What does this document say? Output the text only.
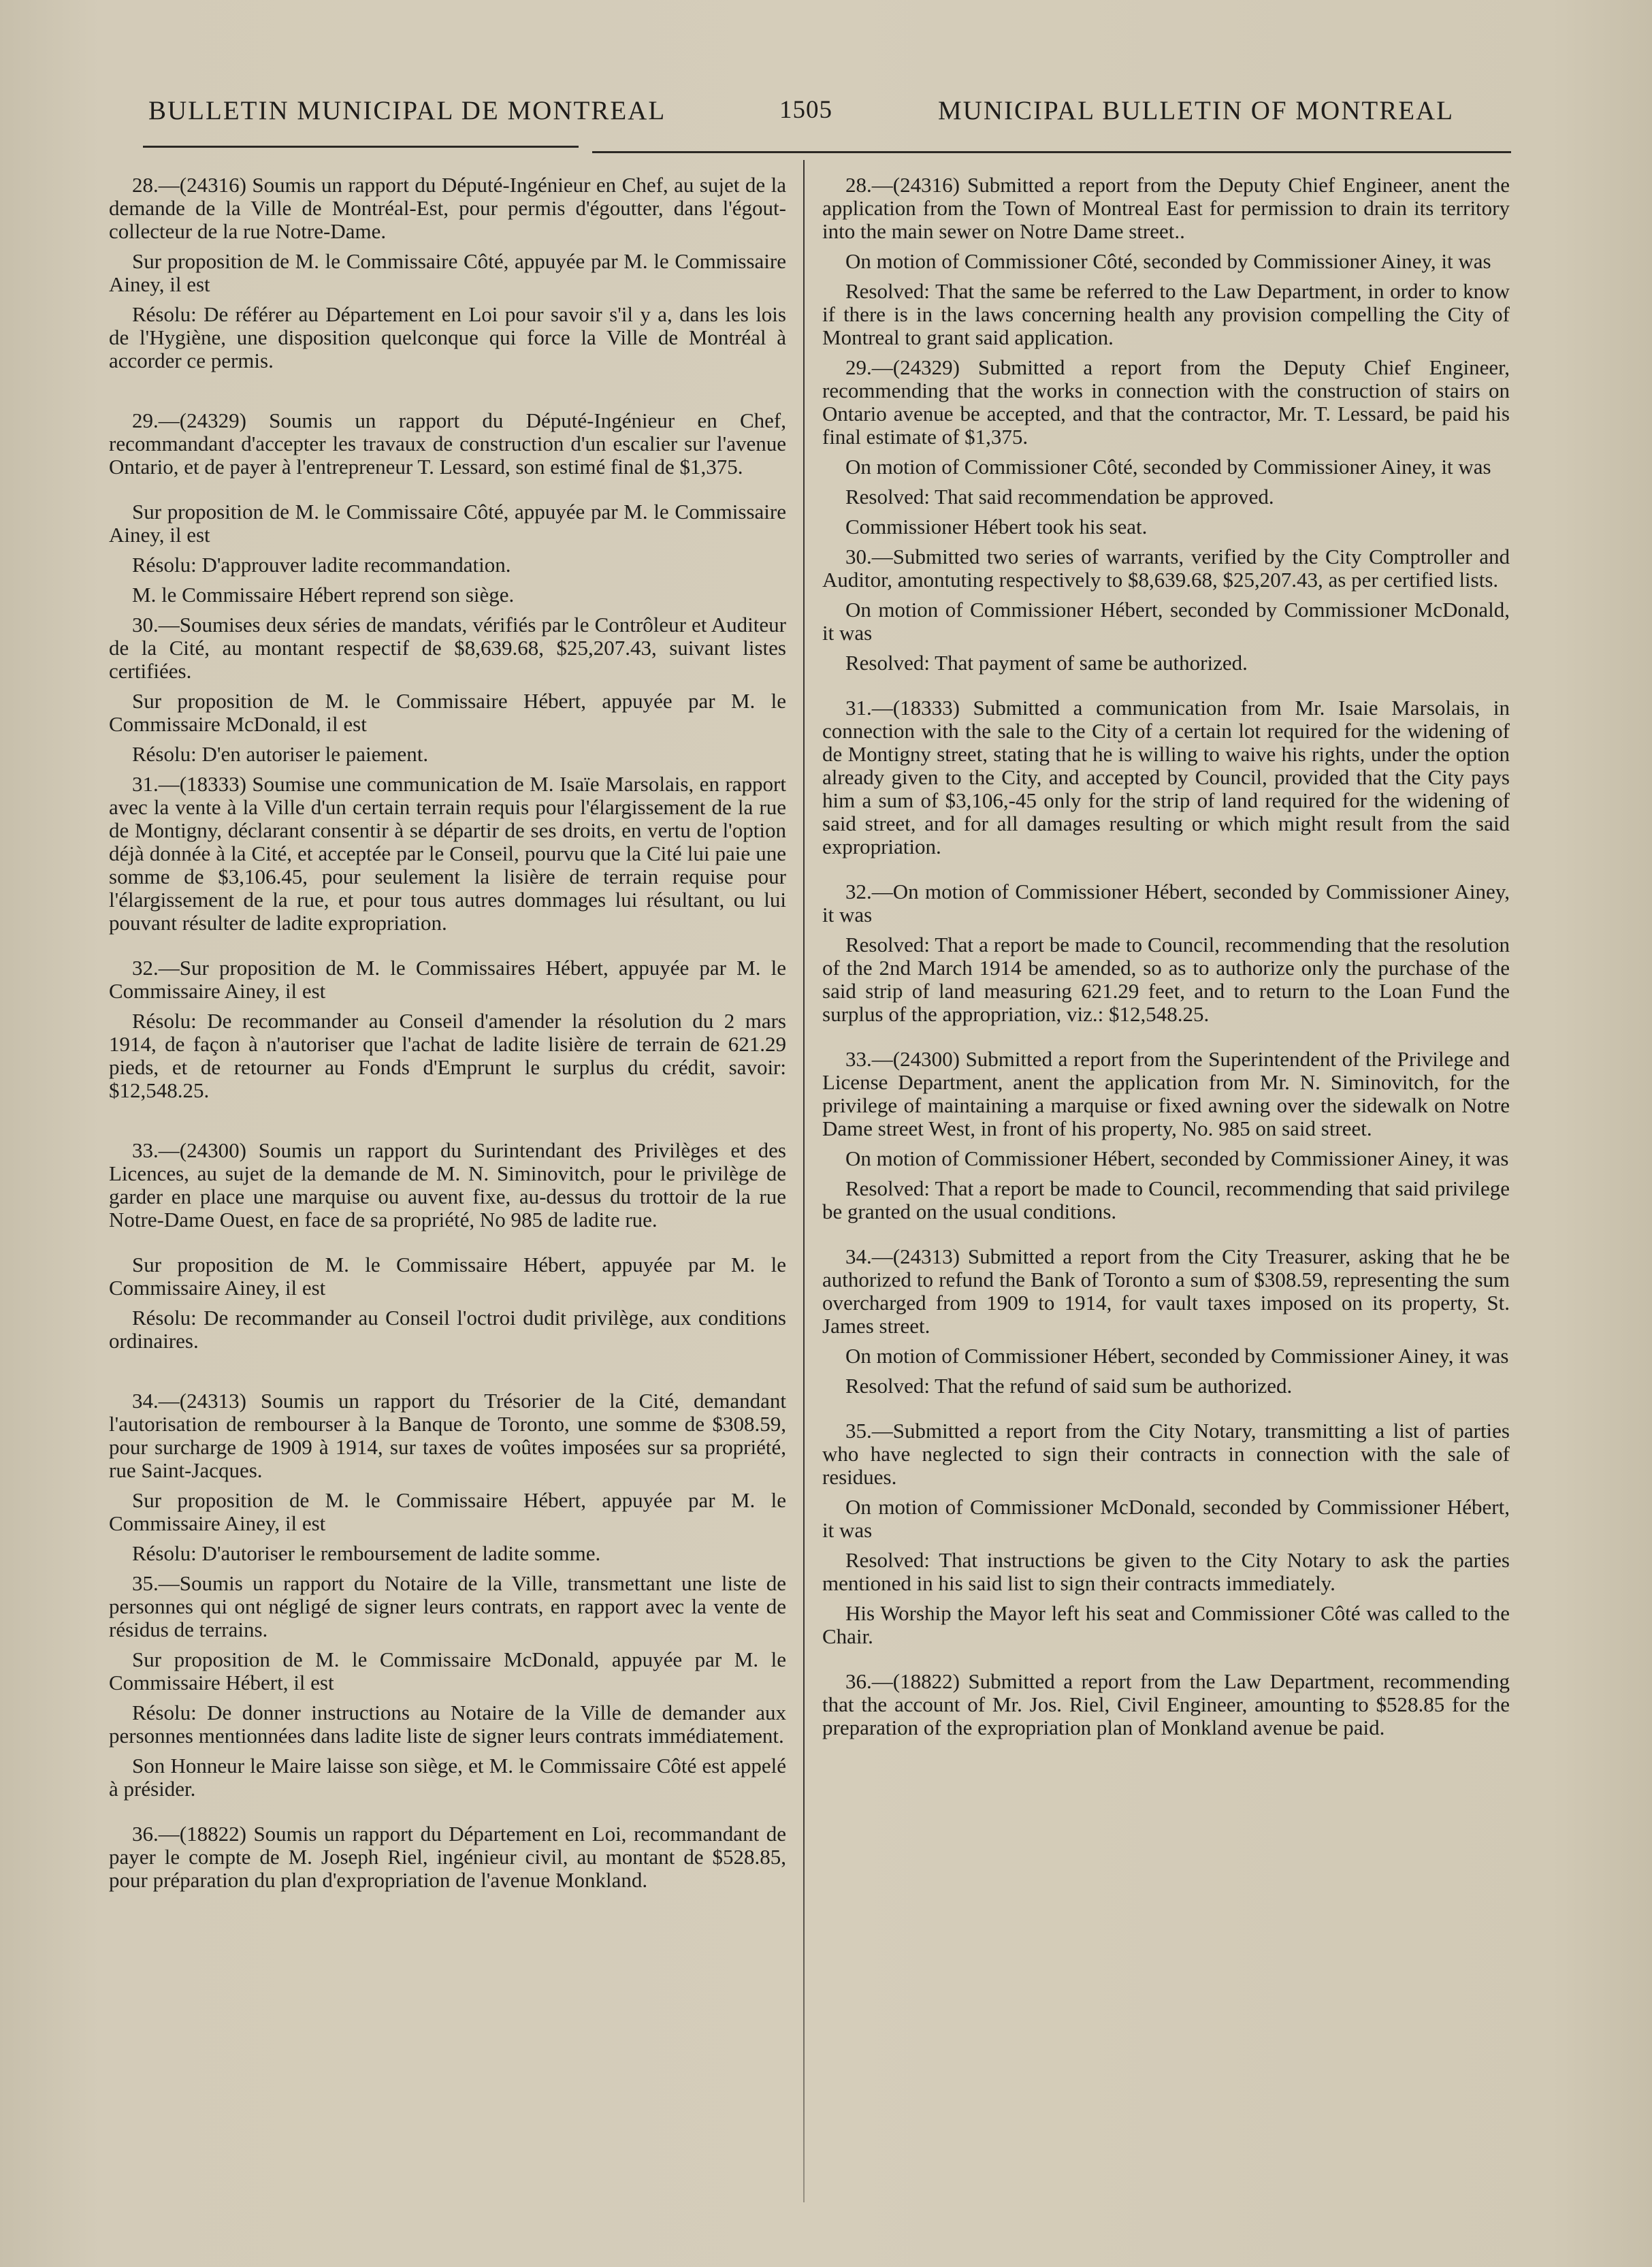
BULLETIN MUNICIPAL DE MONTREAL	1505	MUNICIPAL BULLETIN OF MONTREAL

28.—(24316) Soumis un rapport du Député-Ingénieur en Chef, au sujet de la demande de la Ville de Montréal-Est, pour permis d'égoutter, dans l'égout-collecteur de la rue Notre-Dame.

Sur proposition de M. le Commissaire Côté, appuyée par M. le Commissaire Ainey, il est

Résolu: De référer au Département en Loi pour savoir s'il y a, dans les lois de l'Hygiène, une disposition quelconque qui force la Ville de Montréal à accorder ce permis.

29.—(24329) Soumis un rapport du Député-Ingénieur en Chef, recommandant d'accepter les travaux de construction d'un escalier sur l'avenue Ontario, et de payer à l'entrepreneur T. Lessard, son estimé final de $1,375.

Sur proposition de M. le Commissaire Côté, appuyée par M. le Commissaire Ainey, il est

Résolu: D'approuver ladite recommandation.

M. le Commissaire Hébert reprend son siège.

30.—Soumises deux séries de mandats, vérifiés par le Contrôleur et Auditeur de la Cité, au montant respectif de $8,639.68, $25,207.43, suivant listes certifiées.

Sur proposition de M. le Commissaire Hébert, appuyée par M. le Commissaire McDonald, il est

Résolu: D'en autoriser le paiement.

31.—(18333) Soumise une communication de M. Isaïe Marsolais, en rapport avec la vente à la Ville d'un certain terrain requis pour l'élargissement de la rue de Montigny, déclarant consentir à se départir de ses droits, en vertu de l'option déjà donnée à la Cité, et acceptée par le Conseil, pourvu que la Cité lui paie une somme de $3,106.45, pour seulement la lisière de terrain requise pour l'élargissement de la rue, et pour tous autres dommages lui résultant, ou lui pouvant résulter de ladite expropriation.

32.—Sur proposition de M. le Commissaires Hébert, appuyée par M. le Commissaire Ainey, il est

Résolu: De recommander au Conseil d'amender la résolution du 2 mars 1914, de façon à n'autoriser que l'achat de ladite lisière de terrain de 621.29 pieds, et de retourner au Fonds d'Emprunt le surplus du crédit, savoir: $12,548.25.

33.—(24300) Soumis un rapport du Surintendant des Privilèges et des Licences, au sujet de la demande de M. N. Siminovitch, pour le privilège de garder en place une marquise ou auvent fixe, au-dessus du trottoir de la rue Notre-Dame Ouest, en face de sa propriété, No 985 de ladite rue.

Sur proposition de M. le Commissaire Hébert, appuyée par M. le Commissaire Ainey, il est

Résolu: De recommander au Conseil l'octroi dudit privilège, aux conditions ordinaires.

34.—(24313) Soumis un rapport du Trésorier de la Cité, demandant l'autorisation de rembourser à la Banque de Toronto, une somme de $308.59, pour surcharge de 1909 à 1914, sur taxes de voûtes imposées sur sa propriété, rue Saint-Jacques.

Sur proposition de M. le Commissaire Hébert, appuyée par M. le Commissaire Ainey, il est

Résolu: D'autoriser le remboursement de ladite somme.

35.—Soumis un rapport du Notaire de la Ville, transmettant une liste de personnes qui ont négligé de signer leurs contrats, en rapport avec la vente de résidus de terrains.

Sur proposition de M. le Commissaire McDonald, appuyée par M. le Commissaire Hébert, il est

Résolu: De donner instructions au Notaire de la Ville de demander aux personnes mentionnées dans ladite liste de signer leurs contrats immédiatement.

Son Honneur le Maire laisse son siège, et M. le Commissaire Côté est appelé à présider.

36.—(18822) Soumis un rapport du Département en Loi, recommandant de payer le compte de M. Joseph Riel, ingénieur civil, au montant de $528.85, pour préparation du plan d'expropriation de l'avenue Monkland.

28.—(24316) Submitted a report from the Deputy Chief Engineer, anent the application from the Town of Montreal East for permission to drain its territory into the main sewer on Notre Dame street..

On motion of Commissioner Côté, seconded by Commissioner Ainey, it was

Resolved: That the same be referred to the Law Department, in order to know if there is in the laws concerning health any provision compelling the City of Montreal to grant said application.

29.—(24329) Submitted a report from the Deputy Chief Engineer, recommending that the works in connection with the construction of stairs on Ontario avenue be accepted, and that the contractor, Mr. T. Lessard, be paid his final estimate of $1,375.

On motion of Commissioner Côté, seconded by Commissioner Ainey, it was

Resolved: That said recommendation be approved.

Commissioner Hébert took his seat.

30.—Submitted two series of warrants, verified by the City Comptroller and Auditor, amontuting respectively to $8,639.68, $25,207.43, as per certified lists.

On motion of Commissioner Hébert, seconded by Commissioner McDonald, it was

Resolved: That payment of same be authorized.

31.—(18333) Submitted a communication from Mr. Isaie Marsolais, in connection with the sale to the City of a certain lot required for the widening of de Montigny street, stating that he is willing to waive his rights, under the option already given to the City, and accepted by Council, provided that the City pays him a sum of $3,106,-45 only for the strip of land required for the widening of said street, and for all damages resulting or which might result from the said expropriation.

32.—On motion of Commissioner Hébert, seconded by Commissioner Ainey, it was

Resolved: That a report be made to Council, recommending that the resolution of the 2nd March 1914 be amended, so as to authorize only the purchase of the said strip of land measuring 621.29 feet, and to return to the Loan Fund the surplus of the appropriation, viz.: $12,548.25.

33.—(24300) Submitted a report from the Superintendent of the Privilege and License Department, anent the application from Mr. N. Siminovitch, for the privilege of maintaining a marquise or fixed awning over the sidewalk on Notre Dame street West, in front of his property, No. 985 on said street.

On motion of Commissioner Hébert, seconded by Commissioner Ainey, it was

Resolved: That a report be made to Council, recommending that said privilege be granted on the usual conditions.

34.—(24313) Submitted a report from the City Treasurer, asking that he be authorized to refund the Bank of Toronto a sum of $308.59, representing the sum overcharged from 1909 to 1914, for vault taxes imposed on its property, St. James street.

On motion of Commissioner Hébert, seconded by Commissioner Ainey, it was

Resolved: That the refund of said sum be authorized.

35.—Submitted a report from the City Notary, transmitting a list of parties who have neglected to sign their contracts in connection with the sale of residues.

On motion of Commissioner McDonald, seconded by Commissioner Hébert, it was

Resolved: That instructions be given to the City Notary to ask the parties mentioned in his said list to sign their contracts immediately.

His Worship the Mayor left his seat and Commissioner Côté was called to the Chair.

36.—(18822) Submitted a report from the Law Department, recommending that the account of Mr. Jos. Riel, Civil Engineer, amounting to $528.85 for the preparation of the expropriation plan of Monkland avenue be paid.
